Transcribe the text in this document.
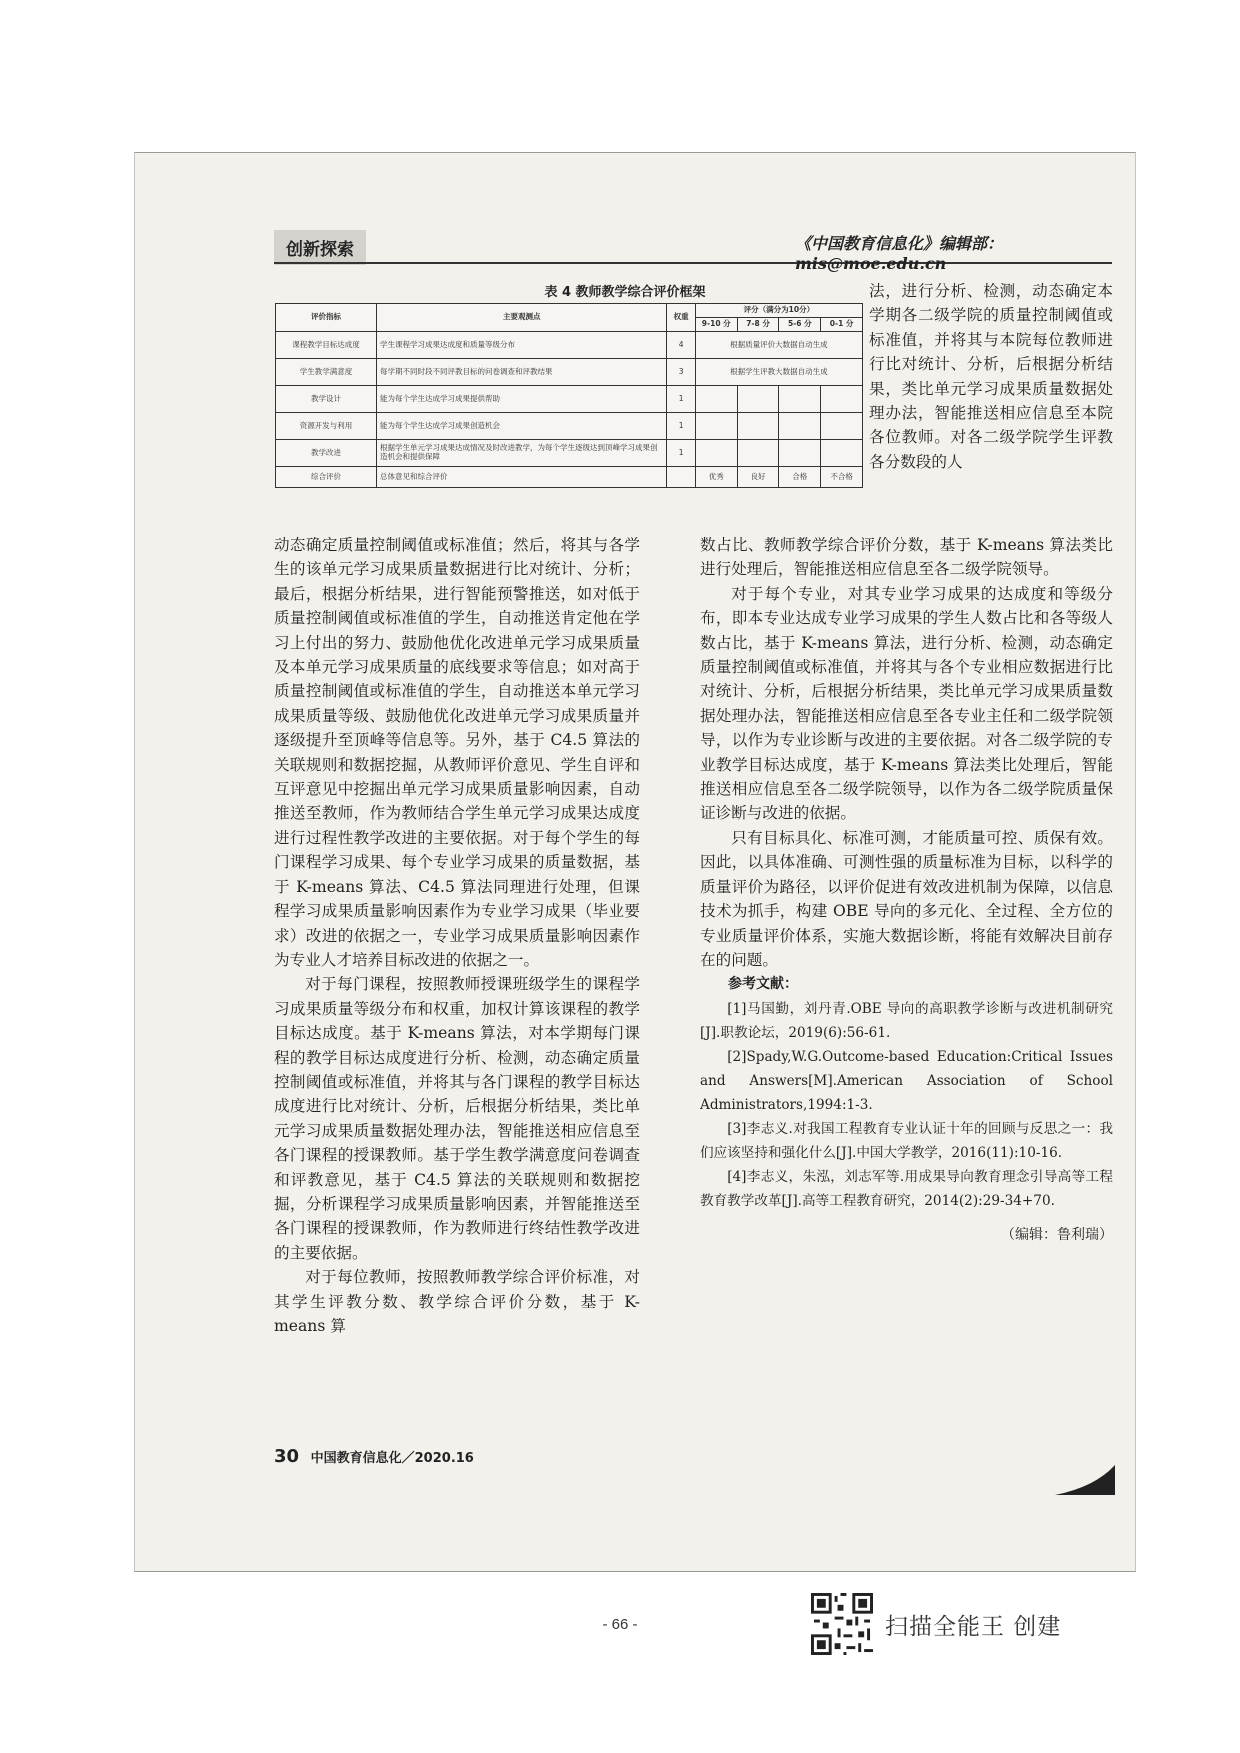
创新探索	《中国教育信息化》编辑部：mis@moe.edu.cn
表 4 教师教学综合评价框架
评价指标	主要观测点	权重	评分（满分为10分）			
			9-10 分	7-8 分	5-6 分	0-1 分
课程教学目标达成度	学生课程学习成果达成度和质量等级分布	4	根据质量评价大数据自动生成			
学生教学满意度	每学期不同时段不同评教目标的问卷调查和评教结果	3	根据学生评教大数据自动生成			
教学设计	能为每个学生达成学习成果提供帮助	1				
资源开发与利用	能为每个学生达成学习成果创造机会	1				
教学改进	根据学生单元学习成果达成情况及时改进教学，为每个学生逐级达到顶峰学习成果创造机会和提供保障	1				
综合评价	总体意见和综合评价		优秀	良好	合格	不合格

法，进行分析、检测，动态确定本学期各二级学院的质量控制阈值或标准值，并将其与本院每位教师进行比对统计、分析，后根据分析结果，类比单元学习成果质量数据处理办法，智能推送相应信息至本院各位教师。对各二级学院学生评教各分数段的人

动态确定质量控制阈值或标准值；然后，将其与各学生的该单元学习成果质量数据进行比对统计、分析；最后，根据分析结果，进行智能预警推送，如对低于质量控制阈值或标准值的学生，自动推送肯定他在学习上付出的努力、鼓励他优化改进单元学习成果质量及本单元学习成果质量的底线要求等信息；如对高于质量控制阈值或标准值的学生，自动推送本单元学习成果质量等级、鼓励他优化改进单元学习成果质量并逐级提升至顶峰等信息等。另外，基于 C4.5 算法的关联规则和数据挖掘，从教师评价意见、学生自评和互评意见中挖掘出单元学习成果质量影响因素，自动推送至教师，作为教师结合学生单元学习成果达成度进行过程性教学改进的主要依据。对于每个学生的每门课程学习成果、每个专业学习成果的质量数据，基于 K-means 算法、C4.5 算法同理进行处理，但课程学习成果质量影响因素作为专业学习成果（毕业要求）改进的依据之一，专业学习成果质量影响因素作为专业人才培养目标改进的依据之一。

对于每门课程，按照教师授课班级学生的课程学习成果质量等级分布和权重，加权计算该课程的教学目标达成度。基于 K-means 算法，对本学期每门课程的教学目标达成度进行分析、检测，动态确定质量控制阈值或标准值，并将其与各门课程的教学目标达成度进行比对统计、分析，后根据分析结果，类比单元学习成果质量数据处理办法，智能推送相应信息至各门课程的授课教师。基于学生教学满意度问卷调查和评教意见，基于 C4.5 算法的关联规则和数据挖掘，分析课程学习成果质量影响因素，并智能推送至各门课程的授课教师，作为教师进行终结性教学改进的主要依据。

对于每位教师，按照教师教学综合评价标准，对其学生评教分数、教学综合评价分数，基于 K-means 算

数占比、教师教学综合评价分数，基于 K-means 算法类比进行处理后，智能推送相应信息至各二级学院领导。

对于每个专业，对其专业学习成果的达成度和等级分布，即本专业达成专业学习成果的学生人数占比和各等级人数占比，基于 K-means 算法，进行分析、检测，动态确定质量控制阈值或标准值，并将其与各个专业相应数据进行比对统计、分析，后根据分析结果，类比单元学习成果质量数据处理办法，智能推送相应信息至各专业主任和二级学院领导，以作为专业诊断与改进的主要依据。对各二级学院的专业教学目标达成度，基于 K-means 算法类比处理后，智能推送相应信息至各二级学院领导，以作为各二级学院质量保证诊断与改进的依据。

只有目标具化、标准可测，才能质量可控、质保有效。因此，以具体准确、可测性强的质量标准为目标，以科学的质量评价为路径，以评价促进有效改进机制为保障，以信息技术为抓手，构建 OBE 导向的多元化、全过程、全方位的专业质量评价体系，实施大数据诊断，将能有效解决目前存在的问题。

参考文献：

[1]马国勤，刘丹青.OBE 导向的高职教学诊断与改进机制研究[J].职教论坛，2019(6):56-61.

[2]Spady,W.G.Outcome-based Education:Critical Issues and Answers[M].American Association of School Administrators,1994:1-3.

[3]李志义.对我国工程教育专业认证十年的回顾与反思之一：我们应该坚持和强化什么[J].中国大学教学，2016(11):10-16.

[4]李志义，朱泓，刘志军等.用成果导向教育理念引导高等工程教育教学改革[J].高等工程教育研究，2014(2):29-34+70.

（编辑：鲁利瑞）
30 中国教育信息化／2020.16
扫描全能王 创建
- 66 -
